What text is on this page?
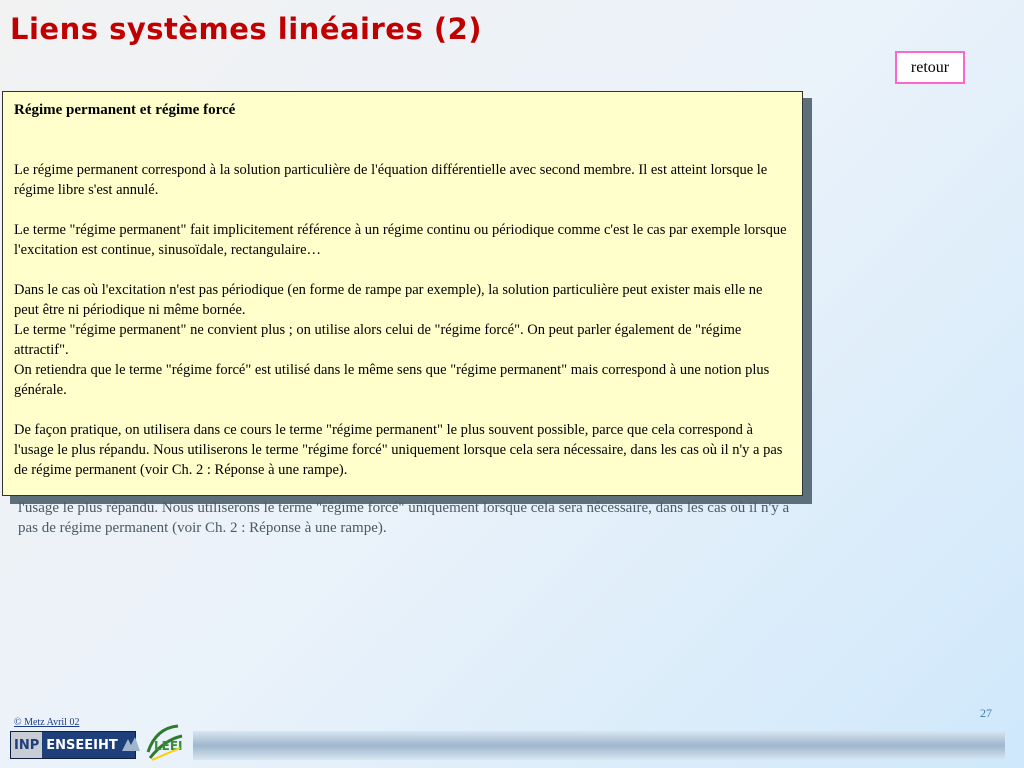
Liens systèmes linéaires (2)
retour
l'usage le plus répandu. Nous utiliserons le terme "régime forcé" uniquement lorsque cela sera nécessaire, dans les cas où il n'y a pas de régime permanent (voir Ch. 2 : Réponse à une rampe).
Régime permanent et régime forcé

Le régime permanent correspond à la solution particulière de l'équation différentielle avec second membre. Il est atteint lorsque le régime libre s'est annulé.

Le terme "régime permanent" fait implicitement référence à un régime continu ou périodique comme c'est le cas par exemple lorsque l'excitation est continue, sinusoïdale, rectangulaire…

Dans le cas où l'excitation n'est pas périodique (en forme de rampe par exemple), la solution particulière peut exister mais elle ne peut être ni périodique ni même bornée.

Le terme "régime permanent" ne convient plus ; on utilise alors celui de "régime forcé". On peut parler également de "régime attractif".

On retiendra que le terme "régime forcé" est utilisé dans le même sens que "régime permanent" mais correspond à une notion plus générale.

De façon pratique, on utilisera dans ce cours le terme "régime permanent" le plus souvent possible, parce que cela correspond à l'usage le plus répandu. Nous utiliserons le terme "régime forcé" uniquement lorsque cela sera nécessaire, dans les cas où il n'y a pas de régime permanent (voir Ch. 2 : Réponse à une rampe).

27
© Metz Avril 02
INP ENSEEIHT	LEEI
